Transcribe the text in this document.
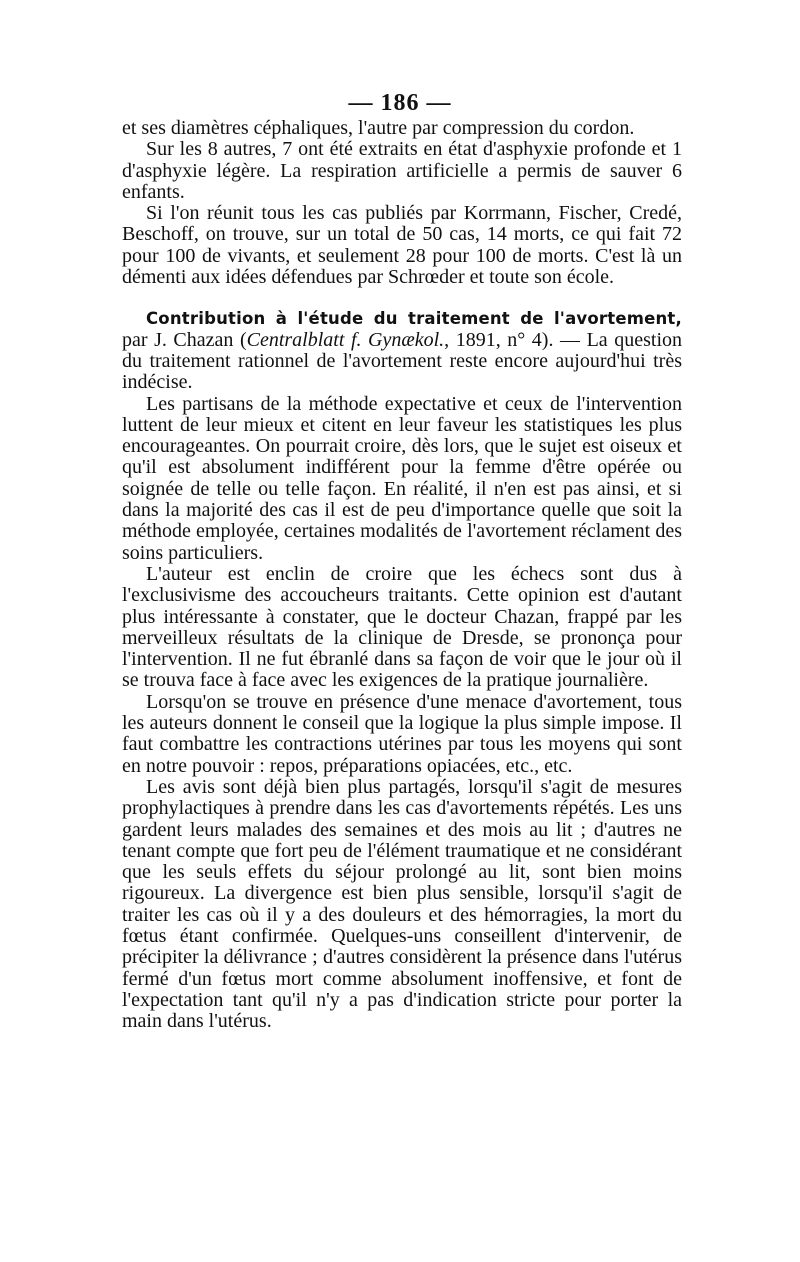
— 186 —

et ses diamètres céphaliques, l'autre par compression du cordon.

Sur les 8 autres, 7 ont été extraits en état d'asphyxie profonde et 1 d'asphyxie légère. La respiration artificielle a permis de sauver 6 enfants.

Si l'on réunit tous les cas publiés par Korrmann, Fischer, Credé, Beschoff, on trouve, sur un total de 50 cas, 14 morts, ce qui fait 72 pour 100 de vivants, et seulement 28 pour 100 de morts. C'est là un démenti aux idées défendues par Schrœder et toute son école.

Contribution à l'étude du traitement de l'avortement, par J. Chazan (Centralblatt f. Gynækol., 1891, n° 4). — La question du traitement rationnel de l'avortement reste encore aujourd'hui très indécise.

Les partisans de la méthode expectative et ceux de l'intervention luttent de leur mieux et citent en leur faveur les statistiques les plus encourageantes. On pourrait croire, dès lors, que le sujet est oiseux et qu'il est absolument indifférent pour la femme d'être opérée ou soignée de telle ou telle façon. En réalité, il n'en est pas ainsi, et si dans la majorité des cas il est de peu d'importance quelle que soit la méthode employée, certaines modalités de l'avortement réclament des soins particuliers.

L'auteur est enclin de croire que les échecs sont dus à l'exclusivisme des accoucheurs traitants. Cette opinion est d'autant plus intéressante à constater, que le docteur Chazan, frappé par les merveilleux résultats de la clinique de Dresde, se prononça pour l'intervention. Il ne fut ébranlé dans sa façon de voir que le jour où il se trouva face à face avec les exigences de la pratique journalière.

Lorsqu'on se trouve en présence d'une menace d'avortement, tous les auteurs donnent le conseil que la logique la plus simple impose. Il faut combattre les contractions utérines par tous les moyens qui sont en notre pouvoir : repos, préparations opiacées, etc., etc.

Les avis sont déjà bien plus partagés, lorsqu'il s'agit de mesures prophylactiques à prendre dans les cas d'avortements répétés. Les uns gardent leurs malades des semaines et des mois au lit ; d'autres ne tenant compte que fort peu de l'élément traumatique et ne considérant que les seuls effets du séjour prolongé au lit, sont bien moins rigoureux. La divergence est bien plus sensible, lorsqu'il s'agit de traiter les cas où il y a des douleurs et des hémorragies, la mort du fœtus étant confirmée. Quelques-uns conseillent d'intervenir, de précipiter la délivrance ; d'autres considèrent la présence dans l'utérus fermé d'un fœtus mort comme absolument inoffensive, et font de l'expectation tant qu'il n'y a pas d'indication stricte pour porter la main dans l'utérus.
